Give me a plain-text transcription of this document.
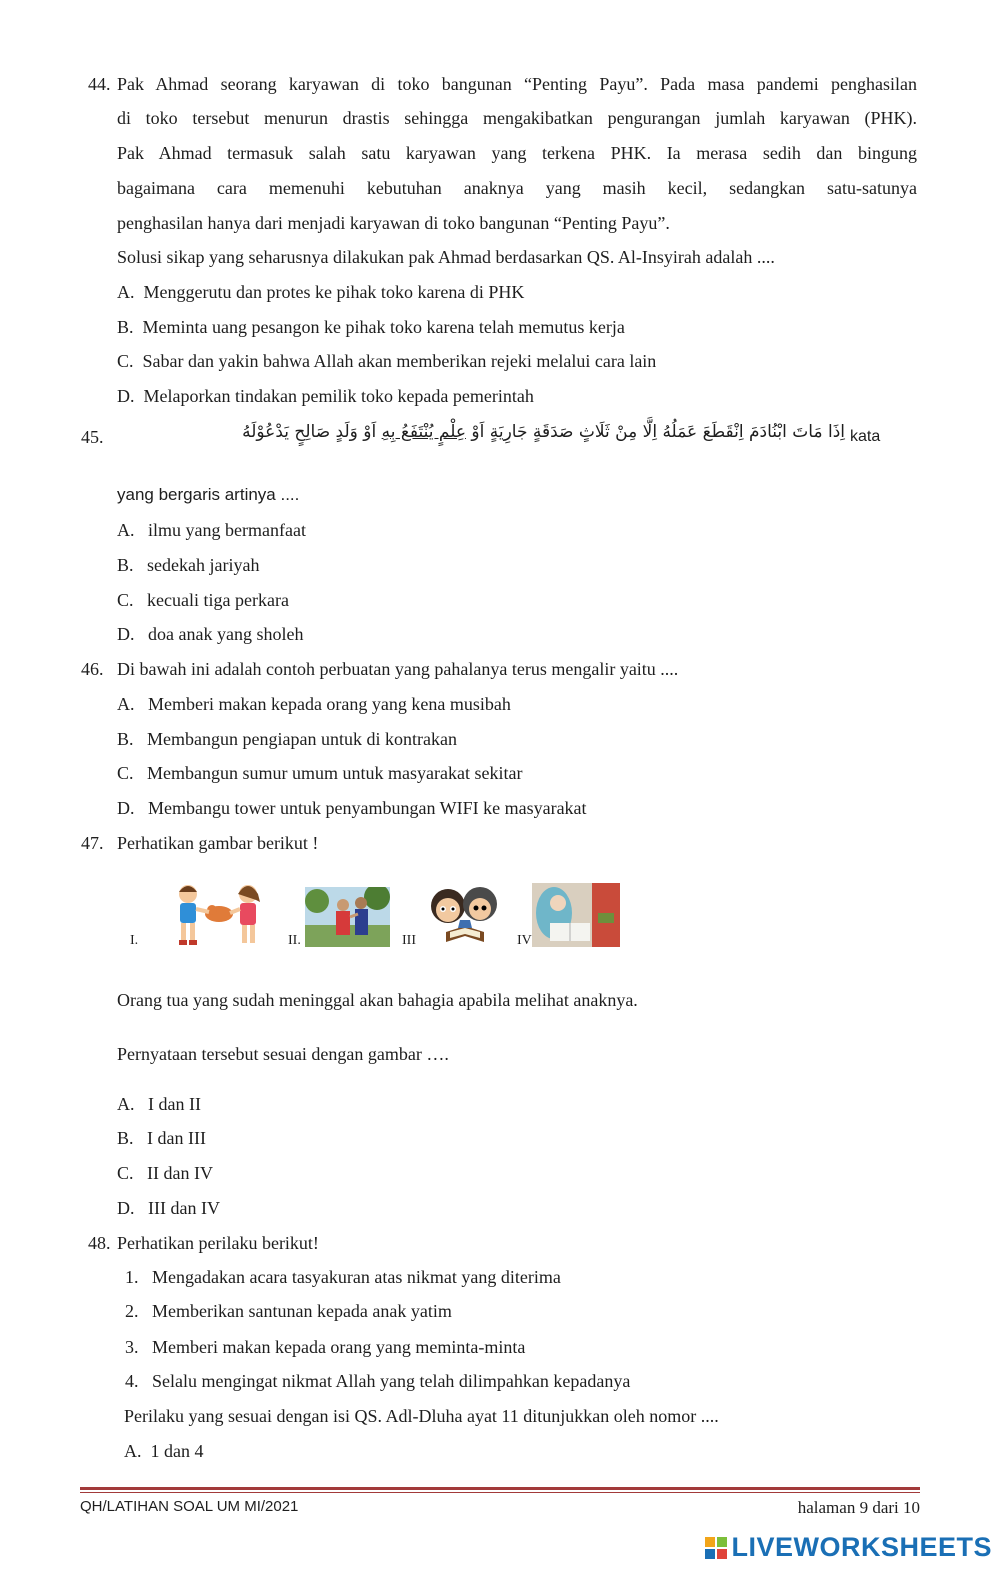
44. Pak Ahmad seorang karyawan di toko bangunan “Penting Payu”. Pada masa pandemi penghasilan
di toko tersebut menurun drastis sehingga mengakibatkan pengurangan jumlah karyawan (PHK).
Pak Ahmad termasuk salah satu karyawan yang terkena PHK. Ia merasa sedih dan bingung
bagaimana cara memenuhi kebutuhan anaknya yang masih kecil, sedangkan satu-satunya
penghasilan hanya dari menjadi karyawan di toko bangunan “Penting Payu”.
Solusi sikap yang seharusnya dilakukan pak Ahmad berdasarkan QS. Al-Insyirah adalah ....
A. Menggerutu dan protes ke pihak toko karena di PHK
B. Meminta uang pesangon ke pihak toko karena telah memutus kerja
C. Sabar dan yakin bahwa Allah akan memberikan rejeki melalui cara lain
D. Melaporkan tindakan pemilik toko kepada pemerintah
45.	اِذَا مَاتَ ابْنُادَمَ اِنْقَطَعَ عَمَلُهُ اِلَّا مِنْ ثَلَاثٍ صَدَقَةٍ جَارِيَةٍ اَوْ عِلْمٍ يُنْتَفَعُ بِهِ اَوْ وَلَدٍ صَالِحٍ يَدْعُوْلَهُ	kata
yang bergaris artinya ....
A. ilmu yang bermanfaat
B. sedekah jariyah
C. kecuali tiga perkara
D. doa anak yang sholeh
46. Di bawah ini adalah contoh perbuatan yang pahalanya terus mengalir yaitu ....
A. Memberi makan kepada orang yang kena musibah
B. Membangun pengiapan untuk di kontrakan
C. Membangun sumur umum untuk masyarakat sekitar
D. Membangu tower untuk penyambungan WIFI ke masyarakat
47. Perhatikan gambar berikut !
I.	II.	III	IV
Orang tua yang sudah meninggal akan bahagia apabila melihat anaknya.
Pernyataan tersebut sesuai dengan gambar ….
A. I dan II
B. I dan III
C. II dan IV
D. III dan IV
48. Perhatikan perilaku berikut!
1. Mengadakan acara tasyakuran atas nikmat yang diterima
2. Memberikan santunan kepada anak yatim
3. Memberi makan kepada orang yang meminta-minta
4. Selalu mengingat nikmat Allah yang telah dilimpahkan kepadanya
Perilaku yang sesuai dengan isi QS. Adl-Dluha ayat 11 ditunjukkan oleh nomor ....
A. 1 dan 4
QH/LATIHAN SOAL UM MI/2021	halaman 9 dari 10
LIVEWORKSHEETS
